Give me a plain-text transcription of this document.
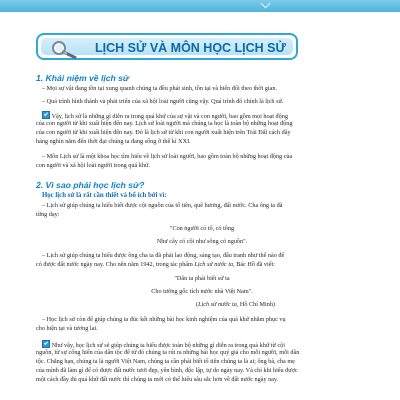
LỊCH SỬ VÀ MÔN HỌC LỊCH SỬ
1. Khái niệm về lịch sử
– Mọi sự vật đang tồn tại xung quanh chúng ta đều phát sinh, tồn tại và biến đổi theo thời gian.
– Quá trình hình thành và phát triển của xã hội loài người cũng vậy. Quá trình đó chính là lịch sử.
Vậy, lịch sử là những gì diễn ra trong quá khứ của sự vật và con người, bao gồm mọi hoạt động
của con người từ khi xuất hiện đến nay. Lịch sử loài người mà chúng ta học là toàn bộ những hoạt động
của con người từ khi xuất hiện đến nay. Đó là lịch sử từ khi con người xuất hiện trên Trái Đất cách đây
hàng nghìn năm đến thời đại chúng ta đang sống ở thế kỉ XXI.
– Môn Lịch sử là một khoa học tìm hiểu về lịch sử loài người, bao gồm toàn bộ những hoạt động của
con người và xã hội loài người trong quá khứ.
2. Vì sao phải học lịch sử?
Học lịch sử là rất cần thiết và bổ ích bởi vì:
– Lịch sử giúp chúng ta hiểu biết được cội nguồn của tổ tiên, quê hương, đất nước. Cha ông ta đã
từng dạy:
"Con người có tổ, có tông
Như cây có cội như sông có nguồn".
– Lịch sử giúp chúng ta hiểu được ông cha ta đã phải lao động, sáng tạo, đấu tranh như thế nào để
có được đất nước ngày nay. Cho nên năm 1942, trong tác phẩm Lịch sử nước ta, Bác Hồ đã viết:
"Dân ta phải biết sử ta
Cho tường gốc tích nước nhà Việt Nam".
(Lịch sử nước ta, Hồ Chí Minh)
– Học lịch sử còn để giúp chúng ta đúc kết những bài học kinh nghiệm của quá khứ nhằm phục vụ
cho hiện tại và tương lai.
Như vậy, học lịch sử sẽ giúp chúng ta hiểu được toàn bộ những gì diễn ra trong quá khứ từ cội
nguồn, từ sự cống hiến của dân tộc để từ đó chúng ta rút ra những bài học quý giá cho mỗi người, mỗi dân
tộc. Chẳng hạn, chúng ta là người Việt Nam, chúng ta cần phải biết tổ tiên chúng ta là ai; ông bà, cha mẹ
của mình đã làm gì để có được đất nước tươi đẹp, yên bình, độc lập, tự do ngày nay. Và chỉ khi hiểu được
một cách đầy đủ quá khứ đất nước thì chúng ta mới có thể hiểu sâu sắc hơn về đất nước ngày nay.
